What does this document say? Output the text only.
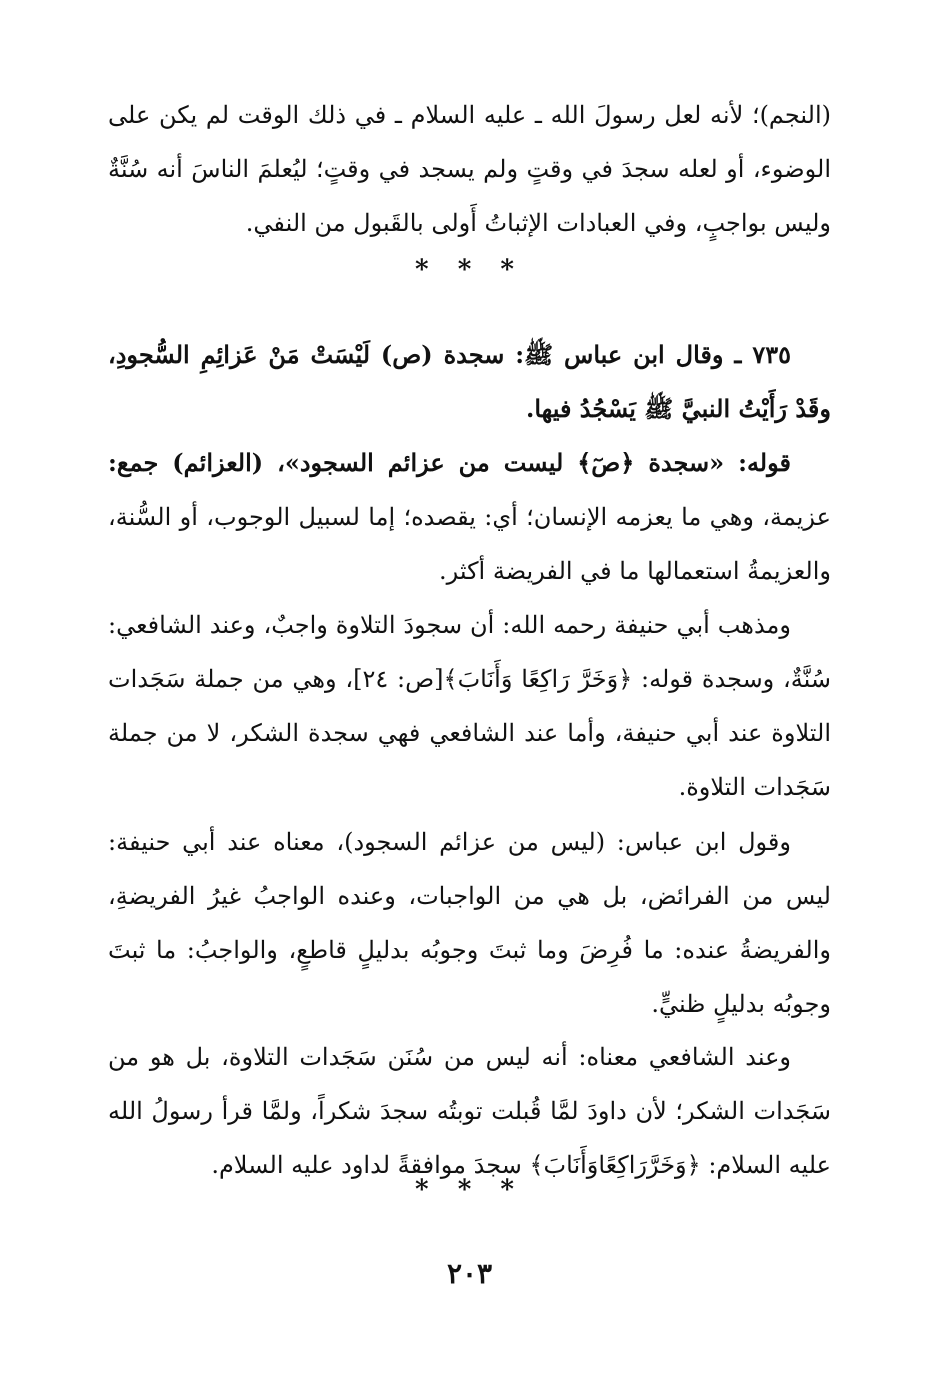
(النجم)؛ لأنه لعل رسولَ الله ـ عليه السلام ـ في ذلك الوقت لم يكن على الوضوء، أو لعله سجدَ في وقتٍ ولم يسجد في وقتٍ؛ ليُعلمَ الناسَ أنه سُنَّةٌ وليس بواجبٍ، وفي العبادات الإثباتُ أَولى بالقَبول من النفي.

* * *

٧٣٥ ـ وقال ابن عباس ﷺ: سجدة (ص) لَيْسَتْ مَنْ عَزائِمِ السُّجودِ، وقَدْ رَأَيْتُ النبيَّ ﷺ يَسْجُدُ فيها.

قوله: «سجدة ﴿صٓ﴾ ليست من عزائم السجود»، (العزائم) جمع: عزيمة، وهي ما يعزمه الإنسان؛ أي: يقصده؛ إما لسبيل الوجوب، أو السُّنة، والعزيمةُ استعمالها ما في الفريضة أكثر.

ومذهب أبي حنيفة رحمه الله: أن سجودَ التلاوة واجبٌ، وعند الشافعي: سُنَّةٌ، وسجدة قوله: ﴿وَخَرَّ رَاكِعًا وَأَنَابَ﴾[ص: ٢٤]، وهي من جملة سَجَدات التلاوة عند أبي حنيفة، وأما عند الشافعي فهي سجدة الشكر، لا من جملة سَجَدات التلاوة.

وقول ابن عباس: (ليس من عزائم السجود)، معناه عند أبي حنيفة: ليس من الفرائض، بل هي من الواجبات، وعنده الواجبُ غيرُ الفريضةِ، والفريضةُ عنده: ما فُرِضَ وما ثبتَ وجوبُه بدليلٍ قاطعٍ، والواجبُ: ما ثبتَ وجوبُه بدليلٍ ظنيٍّ.

وعند الشافعي معناه: أنه ليس من سُنَن سَجَدات التلاوة، بل هو من سَجَدات الشكر؛ لأن داودَ لمَّا قُبلت توبتُه سجدَ شكراً، ولمَّا قرأ رسولُ الله عليه السلام: ﴿وَخَرَّرَاكِعًاوَأَنَابَ﴾ سجدَ موافقةً لداود عليه السلام.

* * *
٢٠٣
